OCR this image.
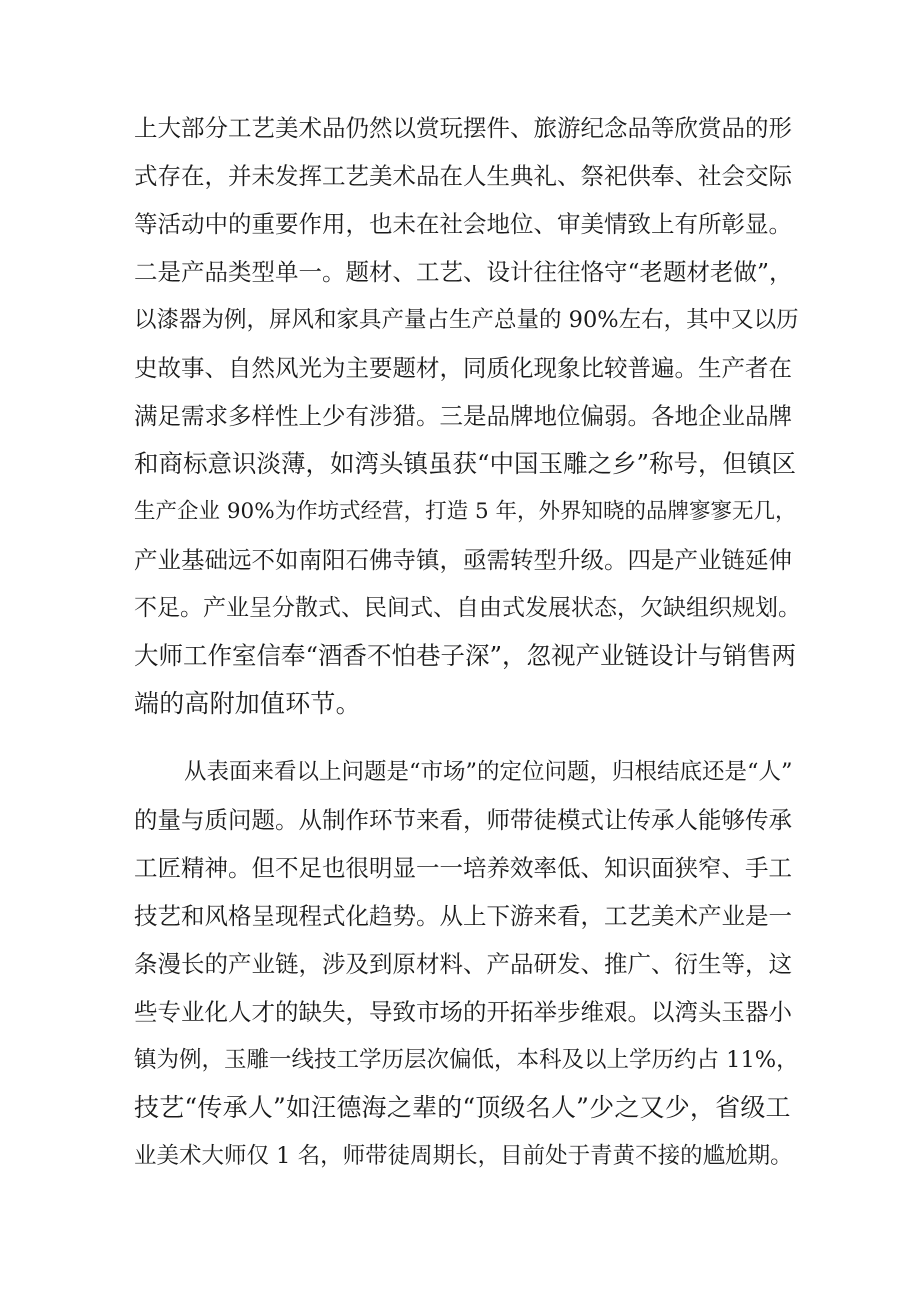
上大部分工艺美术品仍然以赏玩摆件、旅游纪念品等欣赏品的形
式存在，并未发挥工艺美术品在人生典礼、祭祀供奉、社会交际
等活动中的重要作用，也未在社会地位、审美情致上有所彰显。
二是产品类型单一。题材、工艺、设计往往恪守“老题材老做”，
以漆器为例，屏风和家具产量占生产总量的 90%左右，其中又以历
史故事、自然风光为主要题材，同质化现象比较普遍。生产者在
满足需求多样性上少有涉猎。三是品牌地位偏弱。各地企业品牌
和商标意识淡薄，如湾头镇虽获“中国玉雕之乡”称号，但镇区
生产企业 90%为作坊式经营，打造 5 年，外界知晓的品牌寥寥无几，
产业基础远不如南阳石佛寺镇，亟需转型升级。四是产业链延伸
不足。产业呈分散式、民间式、自由式发展状态，欠缺组织规划。
大师工作室信奉“酒香不怕巷子深”，忽视产业链设计与销售两
端的高附加值环节。
从表面来看以上问题是“市场”的定位问题，归根结底还是“人”
的量与质问题。从制作环节来看，师带徒模式让传承人能够传承
工匠精神。但不足也很明显一一培养效率低、知识面狭窄、手工
技艺和风格呈现程式化趋势。从上下游来看，工艺美术产业是一
条漫长的产业链，涉及到原材料、产品研发、推广、衍生等，这
些专业化人才的缺失，导致市场的开拓举步维艰。以湾头玉器小
镇为例，玉雕一线技工学历层次偏低，本科及以上学历约占 11%，
技艺“传承人”如汪德海之辈的“顶级名人”少之又少，省级工
业美术大师仅 1 名，师带徒周期长，目前处于青黄不接的尴尬期。
